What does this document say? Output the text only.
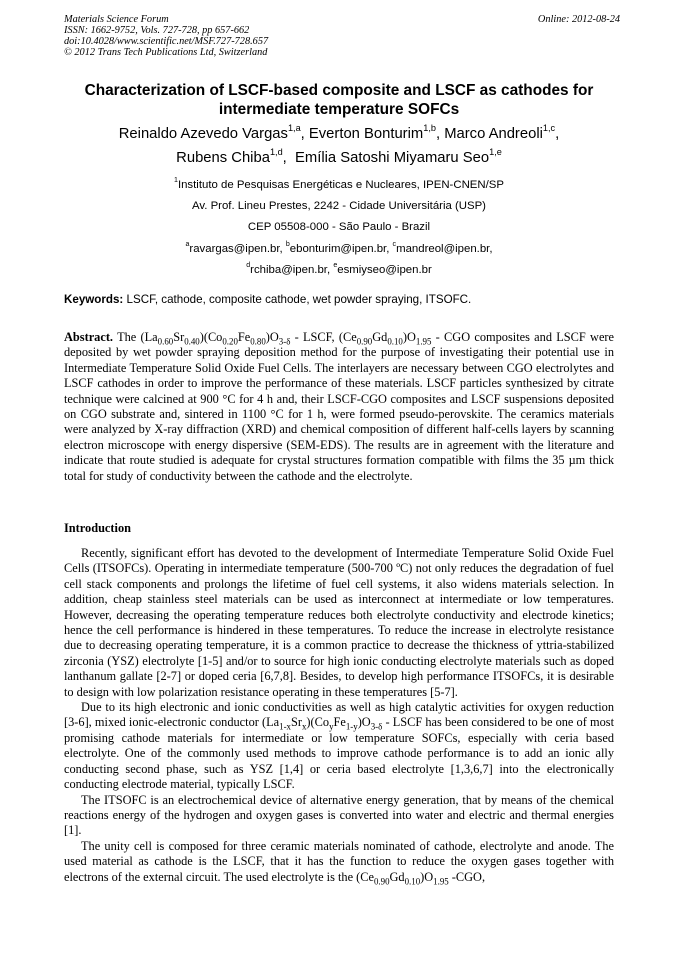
Materials Science Forum
ISSN: 1662-9752, Vols. 727-728, pp 657-662
doi:10.4028/www.scientific.net/MSF.727-728.657
© 2012 Trans Tech Publications Ltd, Switzerland
Online: 2012-08-24
Characterization of LSCF-based composite and LSCF as cathodes for intermediate temperature SOFCs
Reinaldo Azevedo Vargas$^{1,a}$, Everton Bonturim$^{1,b}$, Marco Andreoli$^{1,c}$,
Rubens Chiba$^{1,d}$,  Emília Satoshi Miyamaru Seo$^{1,e}$
$^1$Instituto de Pesquisas Energéticas e Nucleares, IPEN-CNEN/SP
Av. Prof. Lineu Prestes, 2242 - Cidade Universitária (USP)
CEP 05508-000 - São Paulo - Brazil
$^a$ravargas@ipen.br, $^b$ebonturim@ipen.br, $^c$mandreol@ipen.br,
$^d$rchiba@ipen.br, $^e$esmiyseo@ipen.br
Keywords: LSCF, cathode, composite cathode, wet powder spraying, ITSOFC.
Abstract. The $(La_{0.60}Sr_{0.40})(Co_{0.20}Fe_{0.80})O_{3-\delta}$ - LSCF, $(Ce_{0.90}Gd_{0.10})O_{1.95}$ - CGO composites and LSCF were deposited by wet powder spraying deposition method for the purpose of investigating their potential use in Intermediate Temperature Solid Oxide Fuel Cells. The interlayers are necessary between CGO electrolytes and LSCF cathodes in order to improve the performance of these materials. LSCF particles synthesized by citrate technique were calcined at 900 °C for 4 h and, their LSCF-CGO composites and LSCF suspensions deposited on CGO substrate and, sintered in 1100 °C for 1 h, were formed pseudo-perovskite. The ceramics materials were analyzed by X-ray diffraction (XRD) and chemical composition of different half-cells layers by scanning electron microscope with energy dispersive (SEM-EDS). The results are in agreement with the literature and indicate that route studied is adequate for crystal structures formation compatible with films the 35 µm thick total for study of conductivity between the cathode and the electrolyte.
Introduction

Recently, significant effort has devoted to the development of Intermediate Temperature Solid Oxide Fuel Cells (ITSOFCs). Operating in intermediate temperature (500-700 ºC) not only reduces the degradation of fuel cell stack components and prolongs the lifetime of fuel cell systems, it also widens materials selection. In addition, cheap stainless steel materials can be used as interconnect at intermediate or low temperatures. However, decreasing the operating temperature reduces both electrolyte conductivity and electrode kinetics; hence the cell performance is hindered in these temperatures. To reduce the increase in electrolyte resistance due to decreasing operating temperature, it is a common practice to decrease the thickness of yttria-stabilized zirconia (YSZ) electrolyte [1-5] and/or to source for high ionic conducting electrolyte materials such as doped lanthanum gallate [2-7] or doped ceria [6,7,8]. Besides, to develop high performance ITSOFCs, it is desirable to design with low polarization resistance operating in these temperatures [5-7].

Due to its high electronic and ionic conductivities as well as high catalytic activities for oxygen reduction [3-6], mixed ionic-electronic conductor $(La_{1-x}Sr_x)(Co_yFe_{1-y})O_{3-\delta}$ - LSCF has been considered to be one of most promising cathode materials for intermediate or low temperature SOFCs, especially with ceria based electrolyte. One of the commonly used methods to improve cathode performance is to add an ionic ally conducting second phase, such as YSZ [1,4] or ceria based electrolyte [1,3,6,7] into the electronically conducting electrode material, typically LSCF.

The ITSOFC is an electrochemical device of alternative energy generation, that by means of the chemical reactions energy of the hydrogen and oxygen gases is converted into water and electric and thermal energies [1].

The unity cell is composed for three ceramic materials nominated of cathode, electrolyte and anode. The used material as cathode is the LSCF, that it has the function to reduce the oxygen gases together with electrons of the external circuit. The used electrolyte is the $(Ce_{0.90}Gd_{0.10})O_{1.95}$ -CGO,
